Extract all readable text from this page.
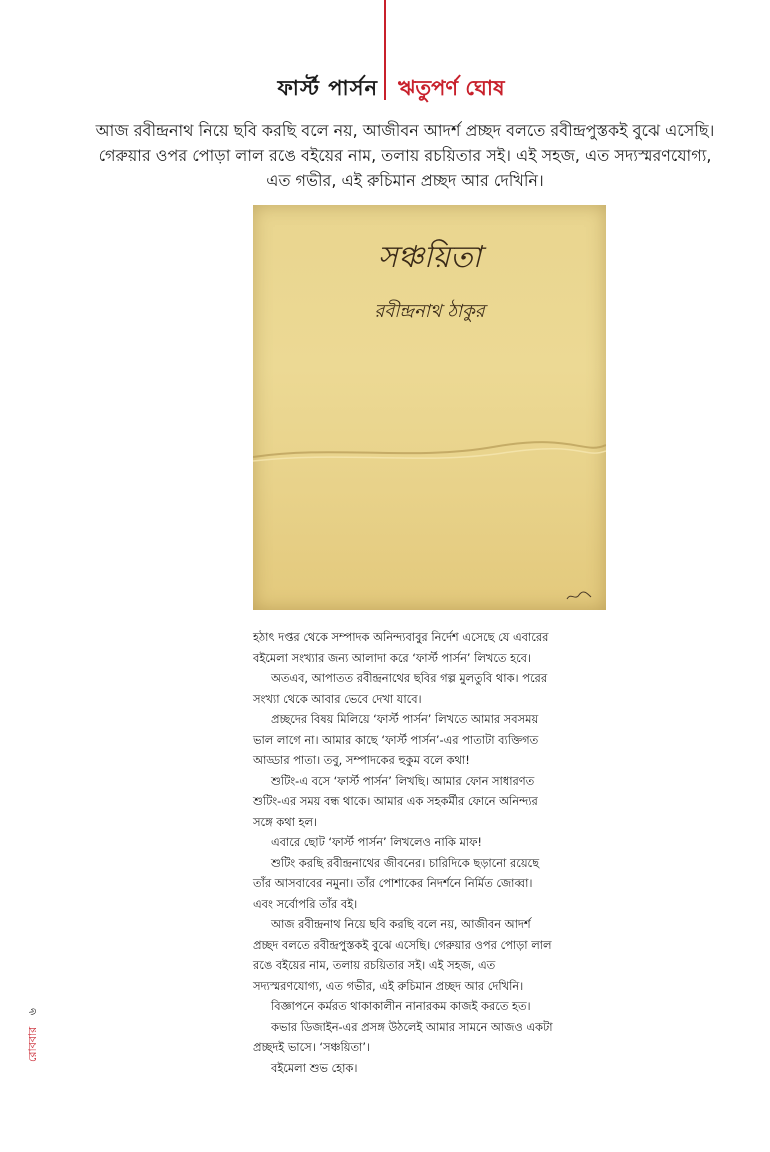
ফার্স্ট পার্সন ঋতুপর্ণ ঘোষ

আজ রবীন্দ্রনাথ নিয়ে ছবি করছি বলে নয়, আজীবন আদর্শ প্রচ্ছদ বলতে রবীন্দ্রপুস্তকই বুঝে এসেছি।

গেরুয়ার ওপর পোড়া লাল রঙে বইয়ের নাম, তলায় রচয়িতার সই। এই সহজ, এত সদ্যস্মরণযোগ্য,

এত গভীর, এই রুচিমান প্রচ্ছদ আর দেখিনি।

সঞ্চয়িতা
রবীন্দ্রনাথ ঠাকুর

হঠাৎ দপ্তর থেকে সম্পাদক অনিন্দ্যবাবুর নির্দেশ এসেছে যে এবারের বইমেলা সংখ্যার জন্য আলাদা করে ‘ফার্স্ট পার্সন’ লিখতে হবে।

অতএব, আপাতত রবীন্দ্রনাথের ছবির গল্প মুলতুবি থাক। পরের সংখ্যা থেকে আবার ভেবে দেখা যাবে।

প্রচ্ছদের বিষয় মিলিয়ে ‘ফার্স্ট পার্সন’ লিখতে আমার সবসময় ভাল লাগে না। আমার কাছে ‘ফার্স্ট পার্সন’-এর পাতাটা ব্যক্তিগত আড্ডার পাতা। তবু, সম্পাদকের হুকুম বলে কথা!

শুটিং-এ বসে ‘ফার্স্ট পার্সন’ লিখছি। আমার ফোন সাধারণত শুটিং-এর সময় বন্ধ থাকে। আমার এক সহকর্মীর ফোনে অনিন্দ্যর সঙ্গে কথা হল।

এবারে ছোট ‘ফার্স্ট পার্সন’ লিখলেও নাকি মাফ!

শুটিং করছি রবীন্দ্রনাথের জীবনের। চারিদিকে ছড়ানো রয়েছে তাঁর আসবাবের নমুনা। তাঁর পোশাকের নিদর্শনে নির্মিত জোব্বা। এবং সর্বোপরি তাঁর বই।

আজ রবীন্দ্রনাথ নিয়ে ছবি করছি বলে নয়, আজীবন আদর্শ প্রচ্ছদ বলতে রবীন্দ্রপুস্তকই বুঝে এসেছি। গেরুয়ার ওপর পোড়া লাল রঙে বইয়ের নাম, তলায় রচয়িতার সই। এই সহজ, এত সদ্যস্মরণযোগ্য, এত গভীর, এই রুচিমান প্রচ্ছদ আর দেখিনি।

বিজ্ঞাপনে কর্মরত থাকাকালীন নানারকম কাজই করতে হত।

কভার ডিজাইন-এর প্রসঙ্গ উঠলেই আমার সামনে আজও একটা প্রচ্ছদই ভাসে। ‘সঞ্চয়িতা’।

বইমেলা শুভ হোক।

রোববার ৬
